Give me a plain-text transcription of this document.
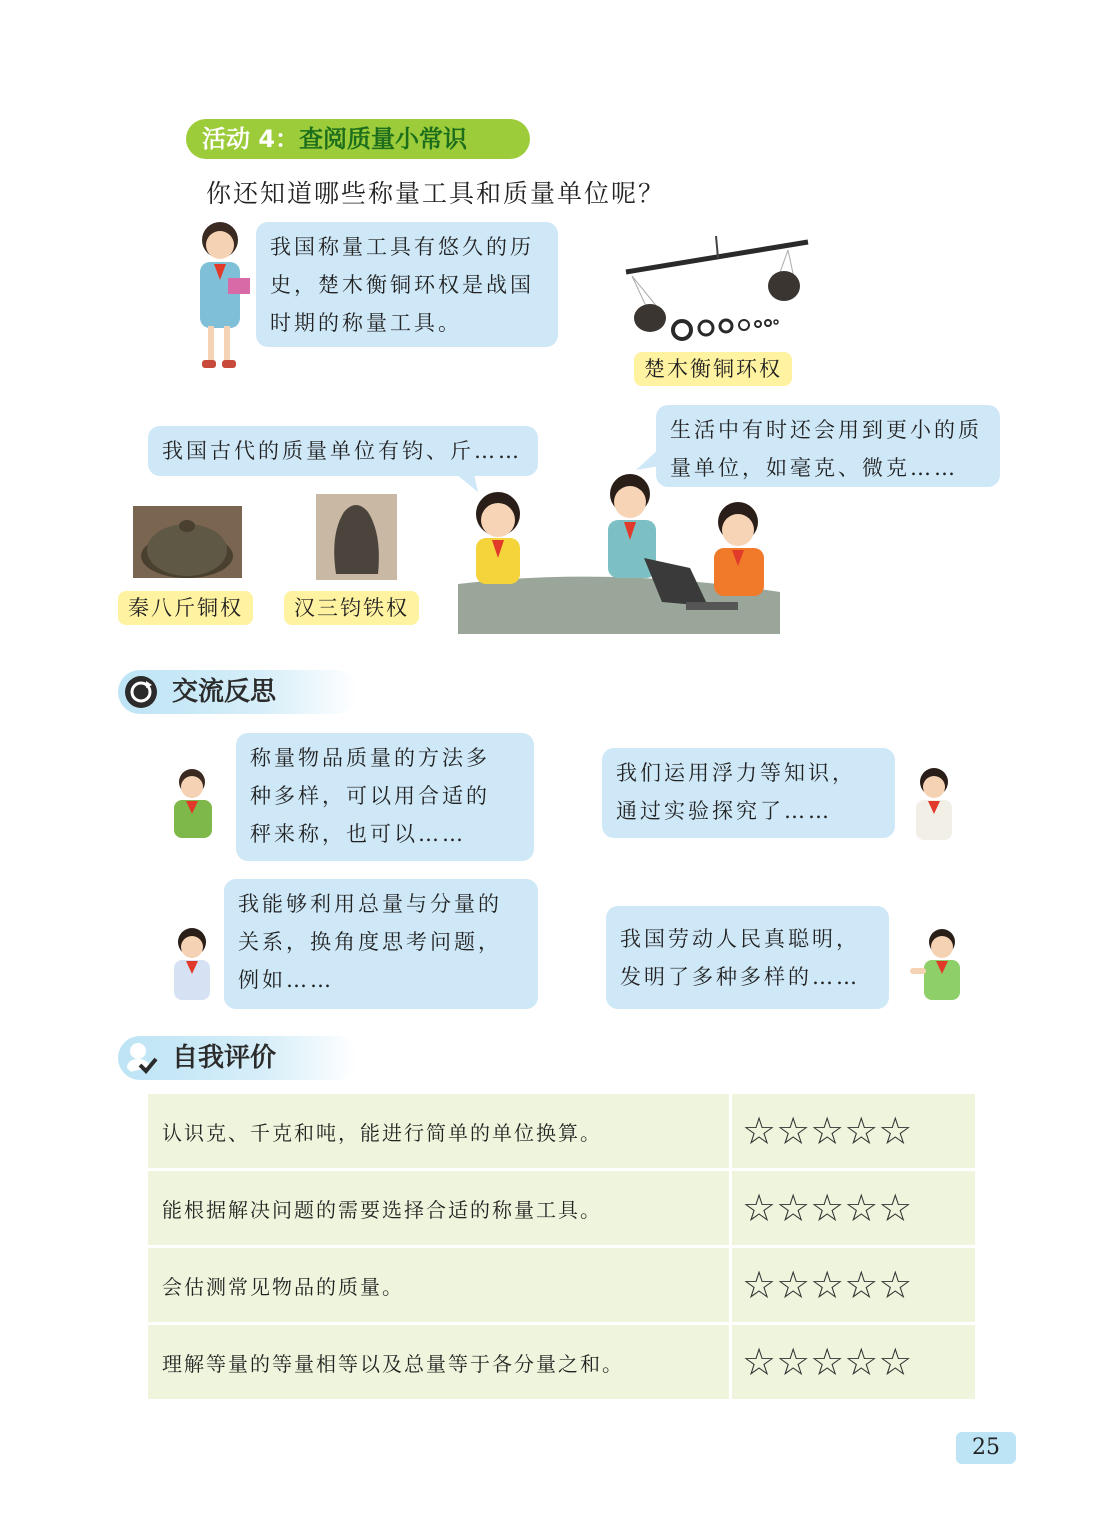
活动 4：查阅质量小常识
你还知道哪些称量工具和质量单位呢？
我国称量工具有悠久的历
史，楚木衡铜环权是战国
时期的称量工具。
楚木衡铜环权
我国古代的质量单位有钧、斤……
生活中有时还会用到更小的质
量单位，如毫克、微克……
秦八斤铜权	汉三钧铁权
交流反思
称量物品质量的方法多
种多样，可以用合适的
秤来称，也可以……
我们运用浮力等知识，
通过实验探究了……
我能够利用总量与分量的
关系，换角度思考问题，
例如……
我国劳动人民真聪明，
发明了多种多样的……
自我评价
认识克、千克和吨，能进行简单的单位换算。	☆☆☆☆☆
能根据解决问题的需要选择合适的称量工具。	☆☆☆☆☆
会估测常见物品的质量。	☆☆☆☆☆
理解等量的等量相等以及总量等于各分量之和。	☆☆☆☆☆
25
